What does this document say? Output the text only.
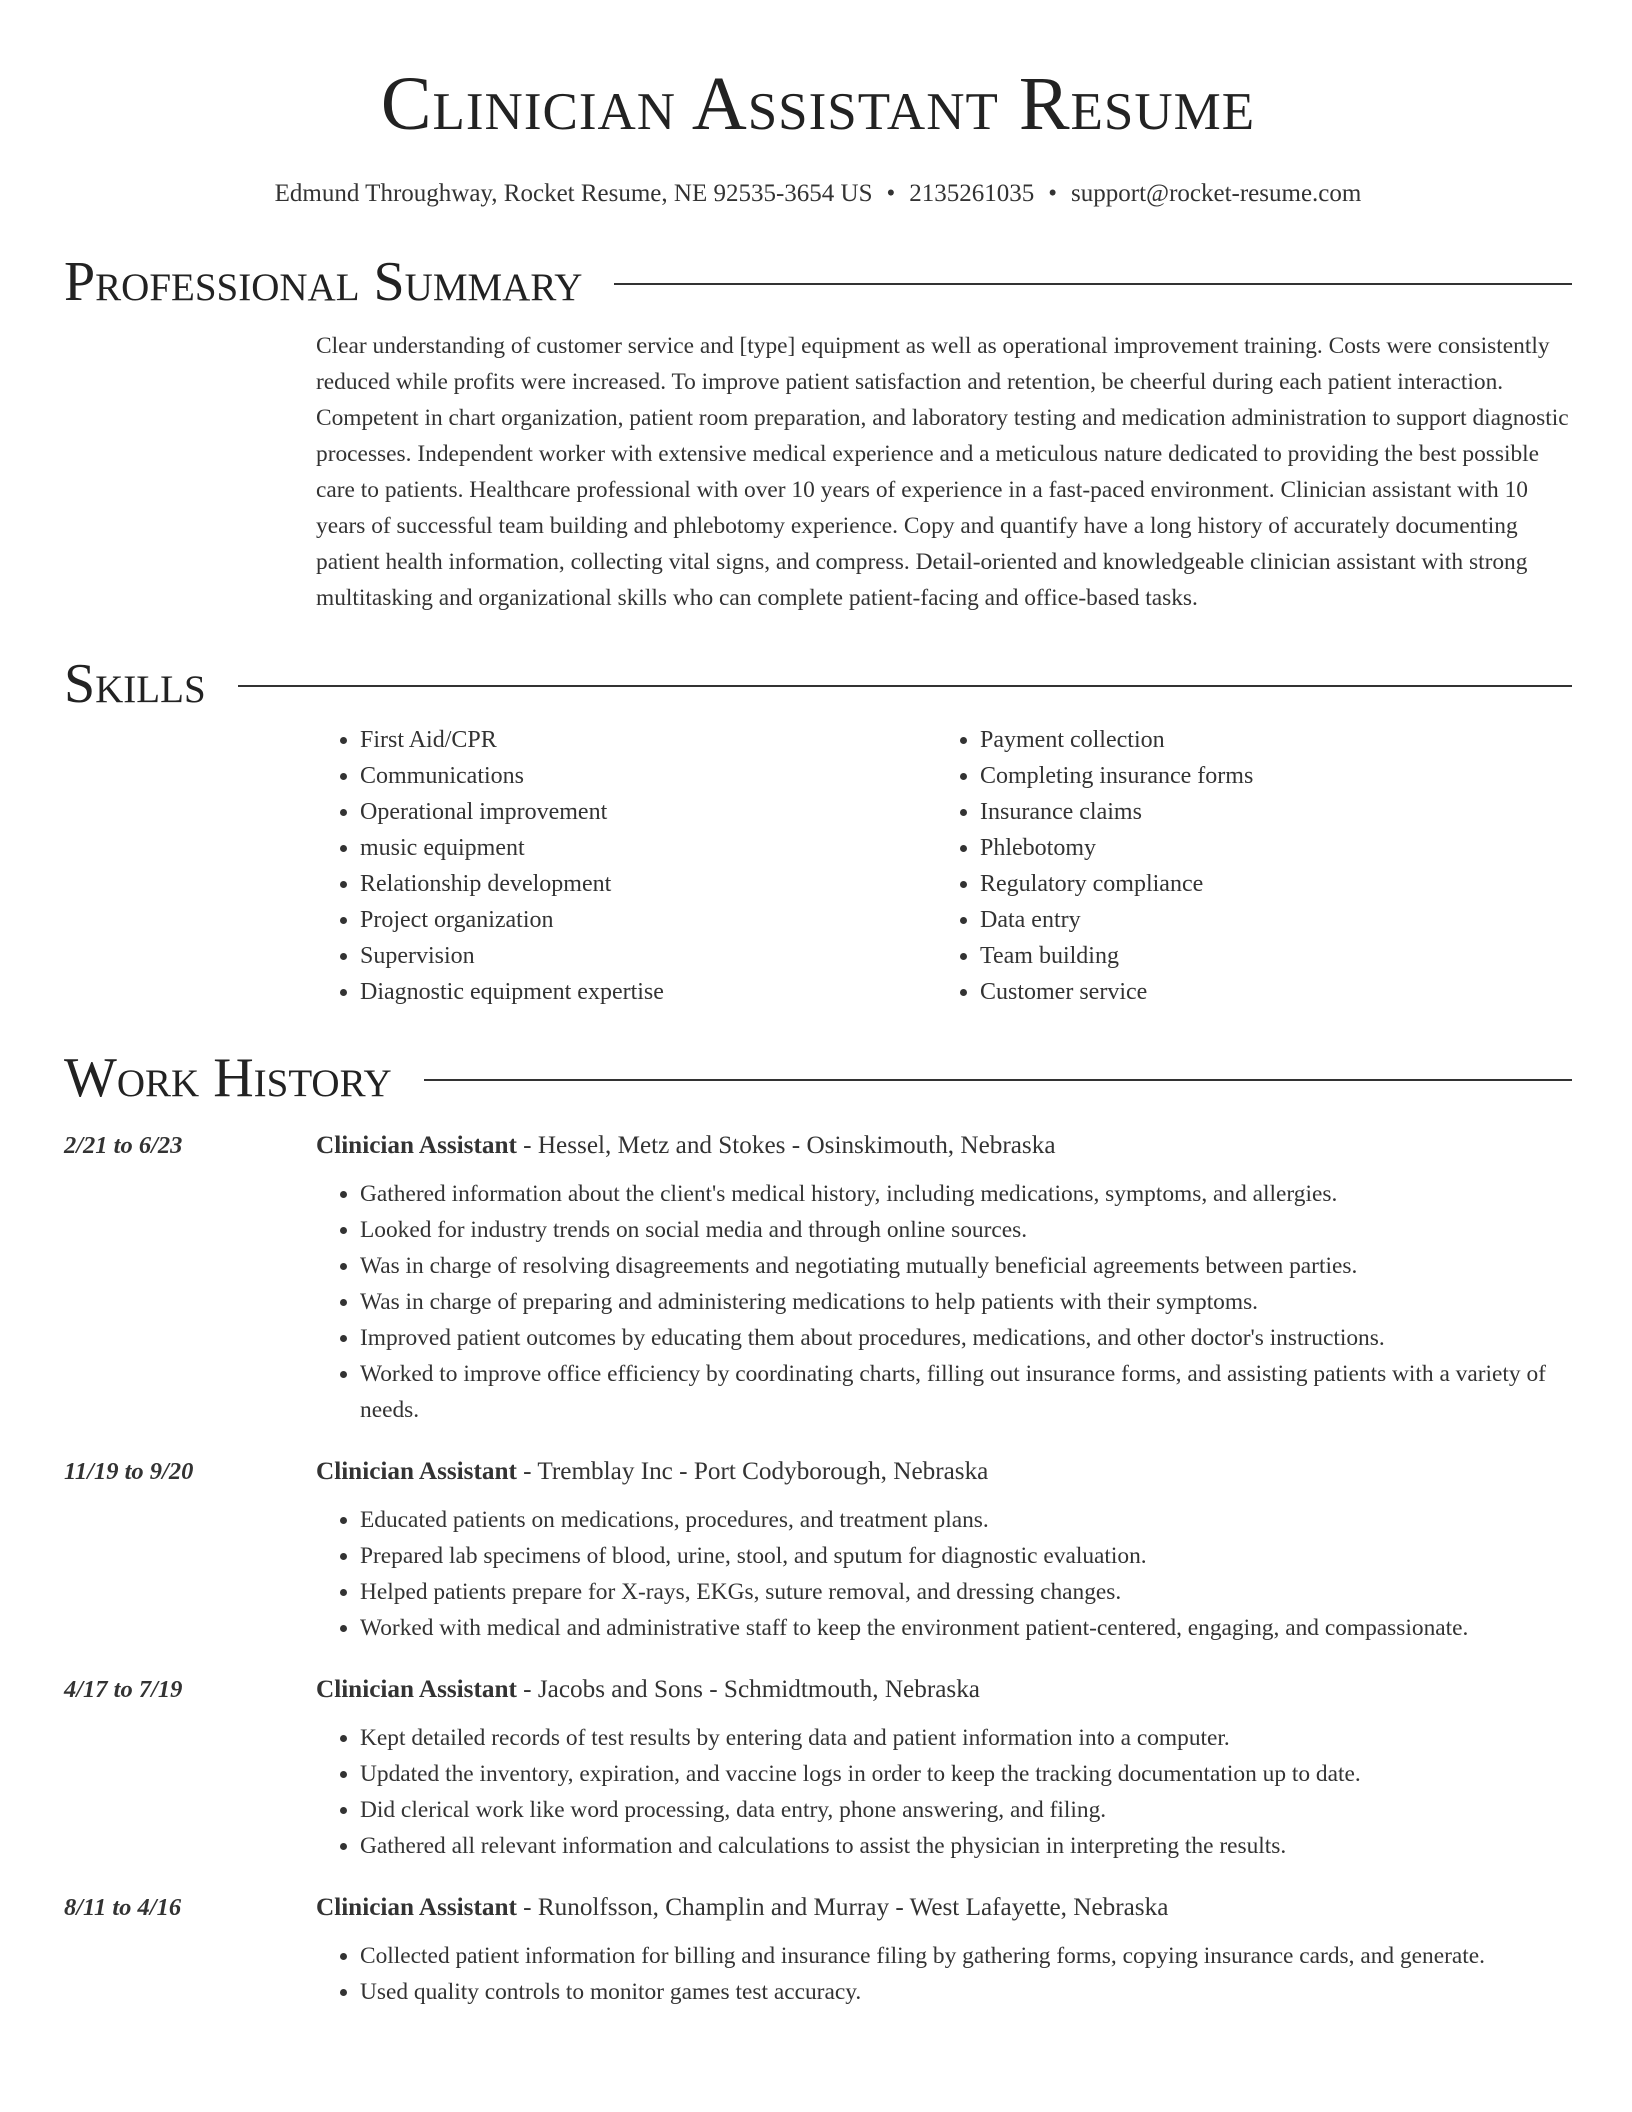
Clinician Assistant Resume
Edmund Throughway, Rocket Resume, NE 92535-3654 US • 2135261035 • support@rocket-resume.com
Professional Summary
Clear understanding of customer service and [type] equipment as well as operational improvement training. Costs were consistently reduced while profits were increased. To improve patient satisfaction and retention, be cheerful during each patient interaction. Competent in chart organization, patient room preparation, and laboratory testing and medication administration to support diagnostic processes. Independent worker with extensive medical experience and a meticulous nature dedicated to providing the best possible care to patients. Healthcare professional with over 10 years of experience in a fast-paced environment. Clinician assistant with 10 years of successful team building and phlebotomy experience. Copy and quantify have a long history of accurately documenting patient health information, collecting vital signs, and compress. Detail-oriented and knowledgeable clinician assistant with strong multitasking and organizational skills who can complete patient-facing and office-based tasks.
Skills
• First Aid/CPR
• Communications
• Operational improvement
• music equipment
• Relationship development
• Project organization
• Supervision
• Diagnostic equipment expertise
• Payment collection
• Completing insurance forms
• Insurance claims
• Phlebotomy
• Regulatory compliance
• Data entry
• Team building
• Customer service
Work History
2/21 to 6/23	Clinician Assistant - Hessel, Metz and Stokes - Osinskimouth, Nebraska
• Gathered information about the client's medical history, including medications, symptoms, and allergies.
• Looked for industry trends on social media and through online sources.
• Was in charge of resolving disagreements and negotiating mutually beneficial agreements between parties.
• Was in charge of preparing and administering medications to help patients with their symptoms.
• Improved patient outcomes by educating them about procedures, medications, and other doctor's instructions.
• Worked to improve office efficiency by coordinating charts, filling out insurance forms, and assisting patients with a variety of needs.
11/19 to 9/20	Clinician Assistant - Tremblay Inc - Port Codyborough, Nebraska
• Educated patients on medications, procedures, and treatment plans.
• Prepared lab specimens of blood, urine, stool, and sputum for diagnostic evaluation.
• Helped patients prepare for X-rays, EKGs, suture removal, and dressing changes.
• Worked with medical and administrative staff to keep the environment patient-centered, engaging, and compassionate.
4/17 to 7/19	Clinician Assistant - Jacobs and Sons - Schmidtmouth, Nebraska
• Kept detailed records of test results by entering data and patient information into a computer.
• Updated the inventory, expiration, and vaccine logs in order to keep the tracking documentation up to date.
• Did clerical work like word processing, data entry, phone answering, and filing.
• Gathered all relevant information and calculations to assist the physician in interpreting the results.
8/11 to 4/16	Clinician Assistant - Runolfsson, Champlin and Murray - West Lafayette, Nebraska
• Collected patient information for billing and insurance filing by gathering forms, copying insurance cards, and generate.
• Used quality controls to monitor games test accuracy.
